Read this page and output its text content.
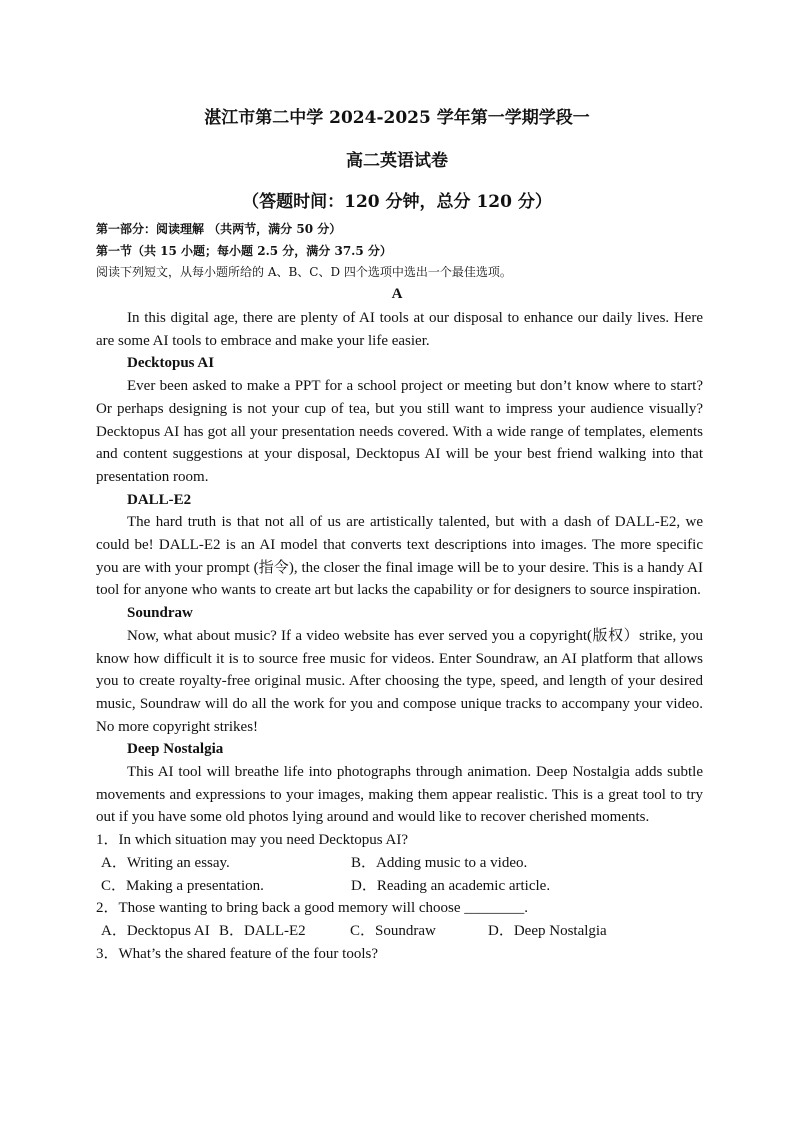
湛江市第二中学 2024-2025 学年第一学期学段一
高二英语试卷
（答题时间：120 分钟，总分 120 分）
第一部分：阅读理解 （共两节，满分 50 分）
第一节（共 15 小题；每小题 2.5 分，满分 37.5 分）
阅读下列短文，从每小题所给的 A、B、C、D 四个选项中选出一个最佳选项。
A

In this digital age, there are plenty of AI tools at our disposal to enhance our daily lives. Here are some AI tools to embrace and make your life easier.

Decktopus AI

Ever been asked to make a PPT for a school project or meeting but don’t know where to start? Or perhaps designing is not your cup of tea, but you still want to impress your audience visually? Decktopus AI has got all your presentation needs covered. With a wide range of templates, elements and content suggestions at your disposal, Decktopus AI will be your best friend walking into that presentation room.

DALL-E2

The hard truth is that not all of us are artistically talented, but with a dash of DALL-E2, we could be! DALL-E2 is an AI model that converts text descriptions into images. The more specific you are with your prompt (指令), the closer the final image will be to your desire. This is a handy AI tool for anyone who wants to create art but lacks the capability or for designers to source inspiration.

Soundraw

Now, what about music? If a video website has ever served you a copyright(版权）strike, you know how difficult it is to source free music for videos. Enter Soundraw, an AI platform that allows you to create royalty-free original music. After choosing the type, speed, and length of your desired music, Soundraw will do all the work for you and compose unique tracks to accompany your video. No more copyright strikes!

Deep Nostalgia

This AI tool will breathe life into photographs through animation. Deep Nostalgia adds subtle movements and expressions to your images, making them appear realistic. This is a great tool to try out if you have some old photos lying around and would like to recover cherished moments.

1．In which situation may you need Decktopus AI?

A．Writing an essay.	B．Adding music to a video.
C．Making a presentation.	D．Reading an academic article.

2．Those wanting to bring back a good memory will choose ________.

A．Decktopus AI B．DALL-E2	C．Soundraw	D．Deep Nostalgia

3．What’s the shared feature of the four tools?
